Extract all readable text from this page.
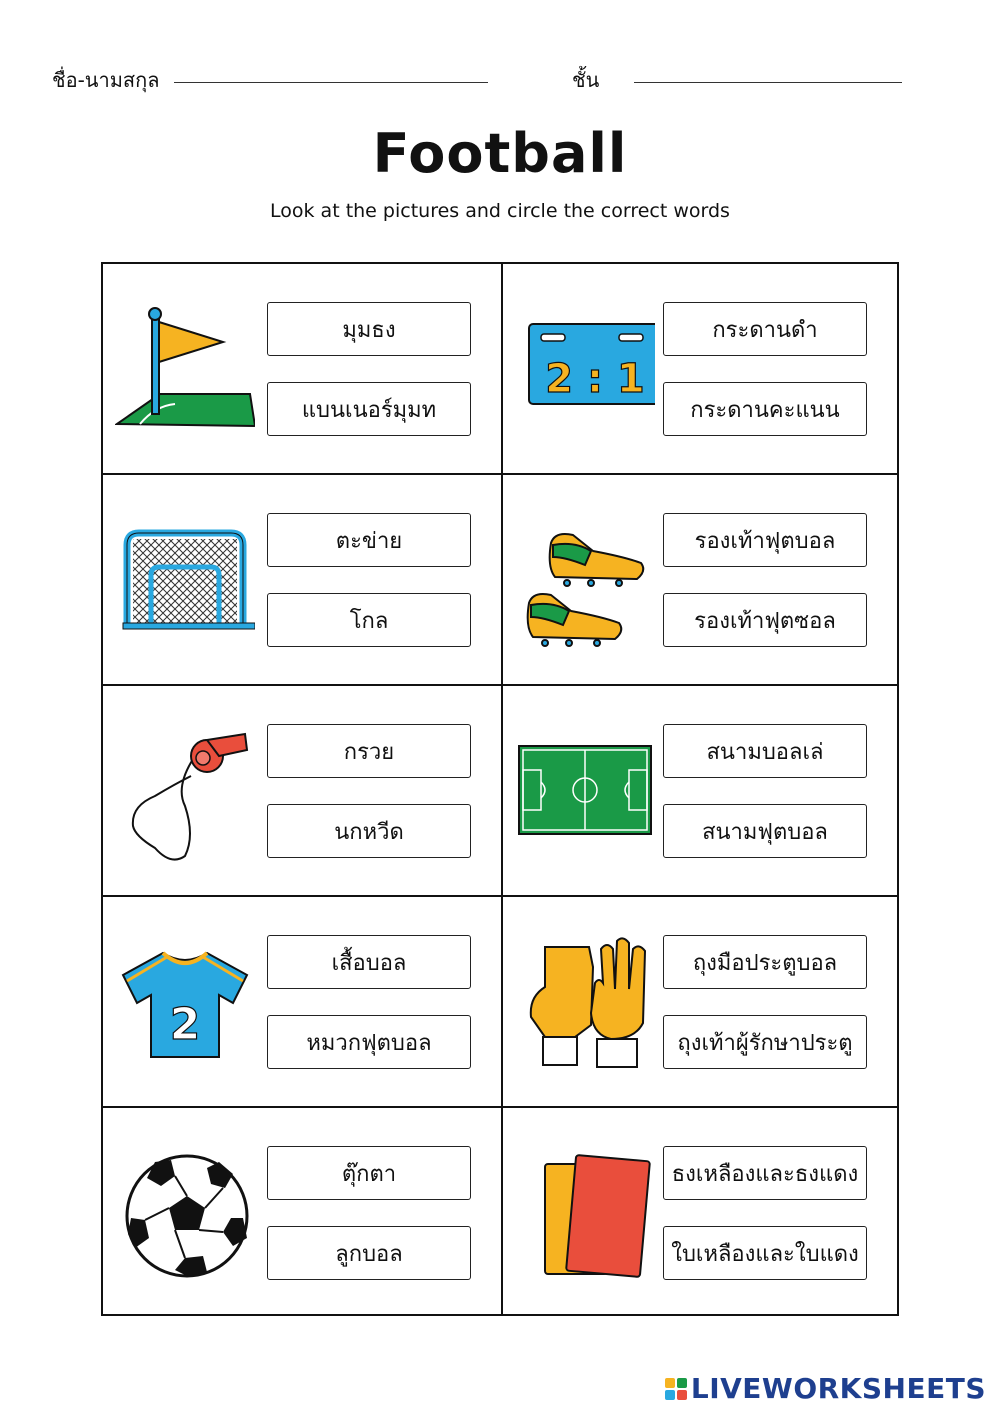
ชื่อ-นามสกุล	ชั้น
Football
Look at the pictures and circle the correct words
มุมธง
แบนเนอร์มุมท
2 : 1
กระดานดำ
กระดานคะแนน
ตะข่าย
โกล
รองเท้าฟุตบอล
รองเท้าฟุตซอล
กรวย
นกหวีด
สนามบอลเล่
สนามฟุตบอล
2
เสื้อบอล
หมวกฟุตบอล
ถุงมือประตูบอล
ถุงเท้าผู้รักษาประตู
ตุ๊กตา
ลูกบอล
ธงเหลืองและธงแดง
ใบเหลืองและใบแดง
LIVEWORKSHEETS
